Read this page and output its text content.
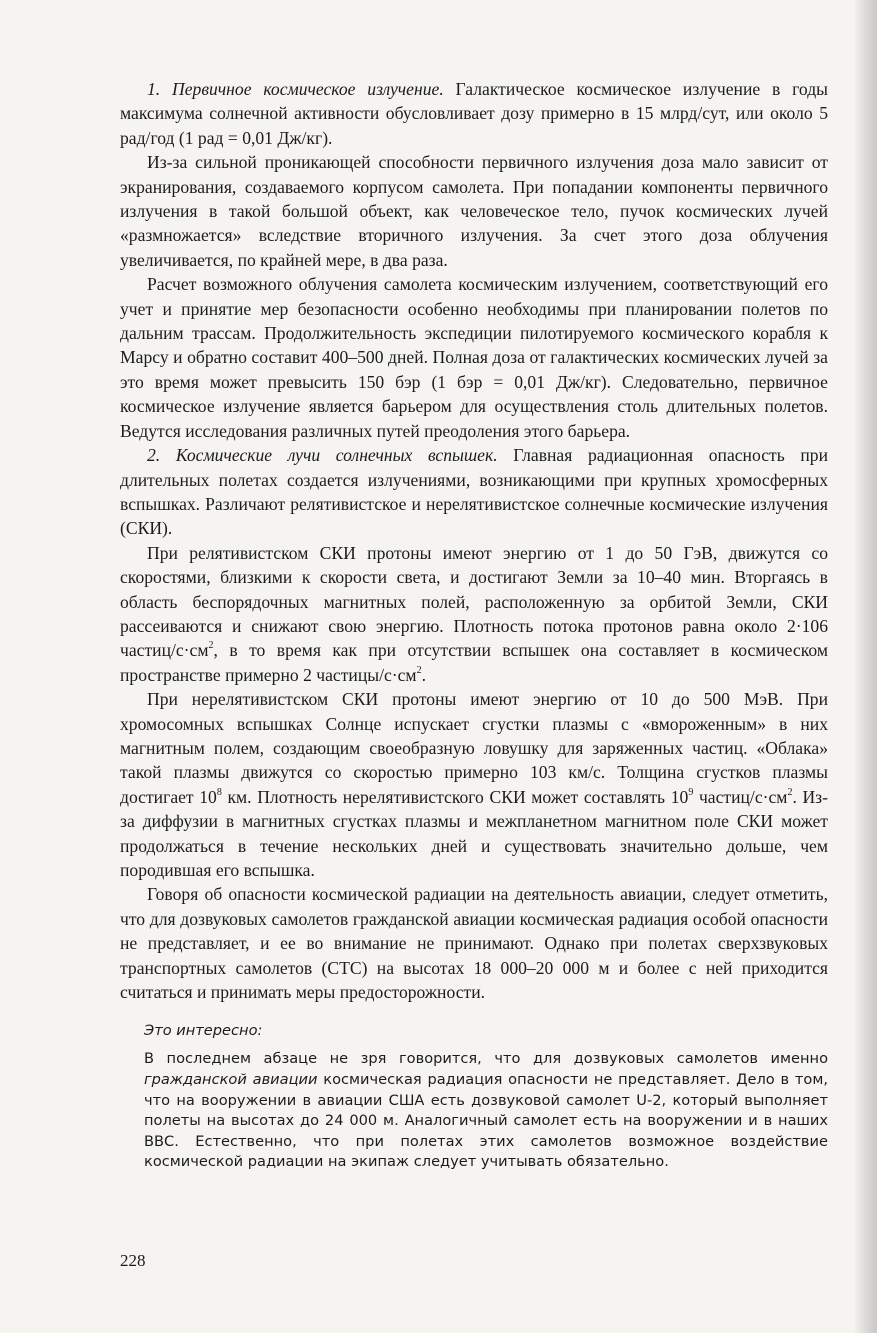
1. Первичное космическое излучение. Галактическое космическое излучение в годы максимума солнечной активности обусловливает дозу примерно в 15 млрд/сут, или около 5 рад/год (1 рад = 0,01 Дж/кг).

Из-за сильной проникающей способности первичного излучения доза мало зависит от экранирования, создаваемого корпусом самолета. При попадании компоненты первичного излучения в такой большой объект, как человеческое тело, пучок космических лучей «размножается» вследствие вторичного излучения. За счет этого доза облучения увеличивается, по крайней мере, в два раза.

Расчет возможного облучения самолета космическим излучением, соответствующий его учет и принятие мер безопасности особенно необходимы при планировании полетов по дальним трассам. Продолжительность экспедиции пилотируемого космического корабля к Марсу и обратно составит 400–500 дней. Полная доза от галактических космических лучей за это время может превысить 150 бэр (1 бэр = 0,01 Дж/кг). Следовательно, первичное космическое излучение является барьером для осуществления столь длительных полетов. Ведутся исследования различных путей преодоления этого барьера.

2. Космические лучи солнечных вспышек. Главная радиационная опасность при длительных полетах создается излучениями, возникающими при крупных хромосферных вспышках. Различают релятивистское и нерелятивистское солнечные космические излучения (СКИ).

При релятивистском СКИ протоны имеют энергию от 1 до 50 ГэВ, движутся со скоростями, близкими к скорости света, и достигают Земли за 10–40 мин. Вторгаясь в область беспорядочных магнитных полей, расположенную за орбитой Земли, СКИ рассеиваются и снижают свою энергию. Плотность потока протонов равна около 2·106 частиц/$с\cdot см^2$, в то время как при отсутствии вспышек она составляет в космическом пространстве примерно 2 частицы/$с\cdot см^2$.

При нерелятивистском СКИ протоны имеют энергию от 10 до 500 МэВ. При хромосомных вспышках Солнце испускает сгустки плазмы с «вмороженным» в них магнитным полем, создающим своеобразную ловушку для заряженных частиц. «Облака» такой плазмы движутся со скоростью примерно 103 км/с. Толщина сгустков плазмы достигает $10^8$ км. Плотность нерелятивистского СКИ может составлять $10^9$ частиц/$с\cdot см^2$. Из-за диффузии в магнитных сгустках плазмы и межпланетном магнитном поле СКИ может продолжаться в течение нескольких дней и существовать значительно дольше, чем породившая его вспышка.

Говоря об опасности космической радиации на деятельность авиации, следует отметить, что для дозвуковых самолетов гражданской авиации космическая радиация особой опасности не представляет, и ее во внимание не принимают. Однако при полетах сверхзвуковых транспортных самолетов (СТС) на высотах 18 000–20 000 м и более с ней приходится считаться и принимать меры предосторожности.

Это интересно:

В последнем абзаце не зря говорится, что для дозвуковых самолетов именно гражданской авиации космическая радиация опасности не представляет. Дело в том, что на вооружении в авиации США есть дозвуковой самолет U-2, который выполняет полеты на высотах до 24 000 м. Аналогичный самолет есть на вооружении и в наших ВВС. Естественно, что при полетах этих самолетов возможное воздействие космической радиации на экипаж следует учитывать обязательно.

228
